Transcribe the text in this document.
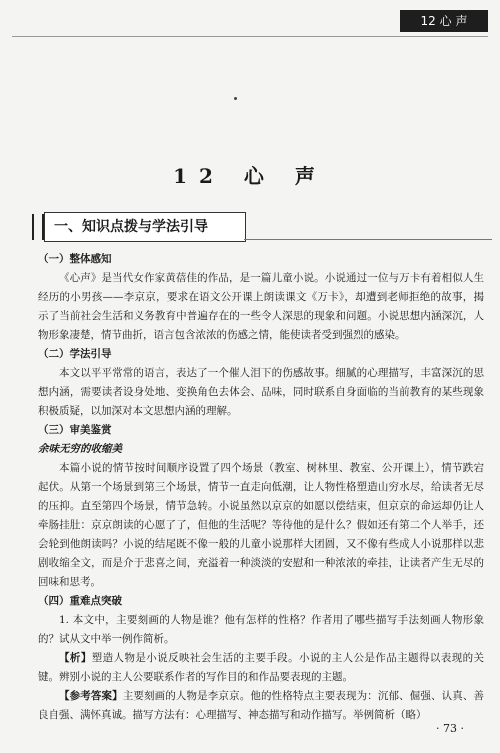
12 心 声
12 心 声
一、知识点拨与学法引导

（一）整体感知

《心声》是当代女作家黄蓓佳的作品，是一篇儿童小说。小说通过一位与万卡有着相似人生经历的小男孩——李京京，要求在语文公开课上朗读课文《万卡》，却遭到老师拒绝的故事，揭示了当前社会生活和义务教育中普遍存在的一些令人深思的现象和问题。小说思想内涵深沉，人物形象凄楚，情节曲折，语言包含浓浓的伤感之情，能使读者受到强烈的感染。

（二）学法引导

本文以平平常常的语言，表达了一个催人泪下的伤感故事。细腻的心理描写，丰富深沉的思想内涵，需要读者设身处地、变换角色去体会、品味，同时联系自身面临的当前教育的某些现象积极质疑，以加深对本文思想内涵的理解。

（三）审美鉴赏

余味无穷的收缩美

本篇小说的情节按时间顺序设置了四个场景（教室、树林里、教室、公开课上），情节跌宕起伏。从第一个场景到第三个场景，情节一直走向低潮，让人物性格塑造山穷水尽，给读者无尽的压抑。直至第四个场景，情节急转。小说虽然以京京的如愿以偿结束，但京京的命运却仍让人牵肠挂肚：京京朗读的心愿了了，但他的生活呢？等待他的是什么？假如还有第二个人举手，还会轮到他朗读吗？小说的结尾既不像一般的儿童小说那样大团圆，又不像有些成人小说那样以悲剧收缩全文，而是介于悲喜之间，充溢着一种淡淡的安慰和一种浓浓的牵挂，让读者产生无尽的回味和思考。

（四）重难点突破

1. 本文中，主要刻画的人物是谁？他有怎样的性格？作者用了哪些描写手法刻画人物形象的？试从文中举一例作简析。

【析】塑造人物是小说反映社会生活的主要手段。小说的主人公是作品主题得以表现的关键。辨别小说的主人公要联系作者的写作目的和作品要表现的主题。

【参考答案】主要刻画的人物是李京京。他的性格特点主要表现为：沉郁、倔强、认真、善良自强、满怀真诚。描写方法有：心理描写、神态描写和动作描写。举例简析（略）

· 73 ·
